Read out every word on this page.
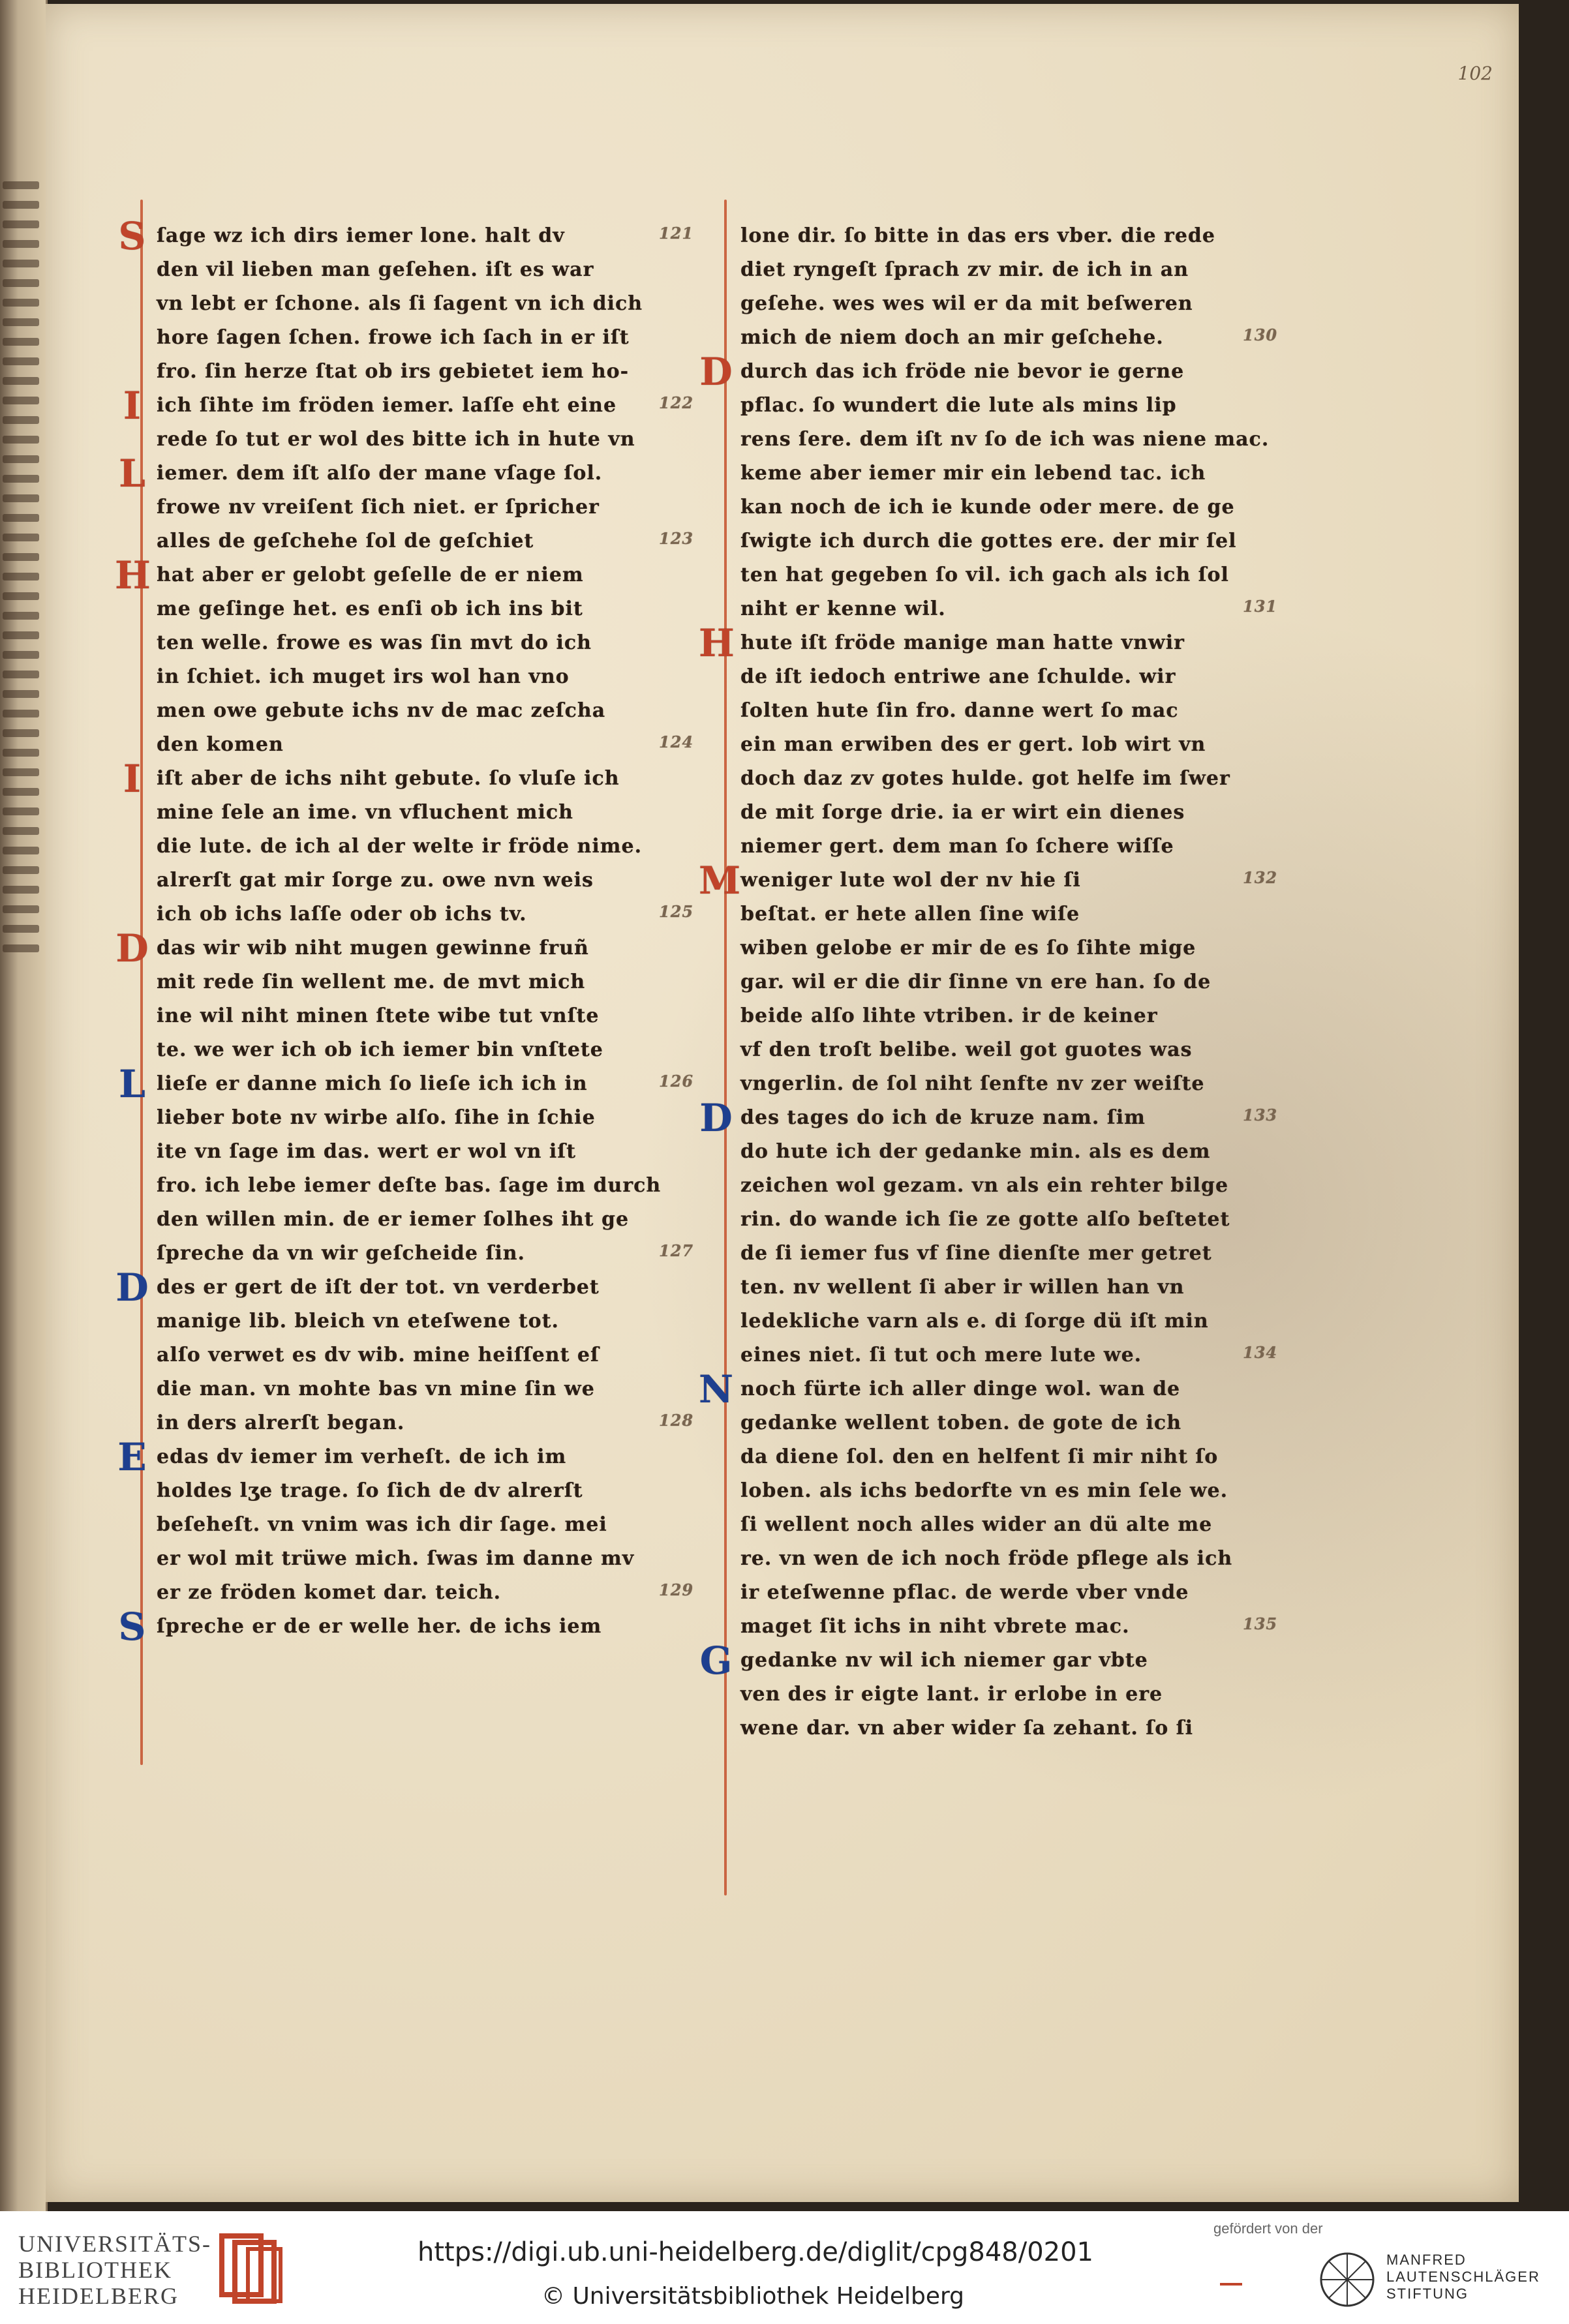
102
S ſage wz ich dirs iemer lone. halt dv	121
den vil lieben man geſehen. iſt es war
vn lebt er ſchone. als ſi ſagent vn ich dich
hore ſagen ſchen. frowe ich ſach in er iſt
fro. ſin herze ſtat ob irs gebietet iem ho-
I ich ſihte im fröden iemer. laſſe eht eine	122
rede ſo tut er wol des bitte ich in hute vn
L iemer. dem iſt alſo der mane vſage ſol.
frowe nv vreiſent ſich niet. er ſpricher
alles de geſchehe ſol de geſchiet	123
H hat aber er gelobt geſelle de er niem
me geſinge het. es enſi ob ich ins bit
ten welle. frowe es was ſin mvt do ich
in ſchiet. ich muget irs wol han vno
men owe gebute ichs nv de mac zeſcha
den komen	124
I iſt aber de ichs niht gebute. ſo vluſe ich
mine ſele an ime. vn vfluchent mich
die lute. de ich al der welte ir fröde nime.
alrerſt gat mir ſorge zu. owe nvn weis
ich ob ichs laſſe oder ob ichs tv.	125
D das wir wib niht mugen gewinne fruñ
mit rede ſin wellent me. de mvt mich
ine wil niht minen ſtete wibe tut vnſte
te. we wer ich ob ich iemer bin vnſtete
L lieſe er danne mich ſo lieſe ich ich in	126
lieber bote nv wirbe alſo. ſihe in ſchie
ite vn ſage im das. wert er wol vn iſt
fro. ich lebe iemer deſte bas. ſage im durch
den willen min. de er iemer ſolhes iht ge
ſpreche da vn wir geſcheide ſin.	127
D des er gert de iſt der tot. vn verderbet
manige lib. bleich vn eteſwene tot.
alſo verwet es dv wib. mine heiſſent eſ
die man. vn mohte bas vn mine ſin we
in ders alrerſt began.	128
E edas dv iemer im verheſt. de ich im
holdes lʒe trage. ſo ſich de dv alrerſt
beſeheſt. vn vnim was ich dir ſage. mei
er wol mit trüwe mich. ſwas im danne mv
er ze fröden komet dar. teich.	129
S ſpreche er de er welle her. de ichs iem
lone dir. ſo bitte in das ers vber. die rede
diet ryngeſt ſprach zv mir. de ich in an
geſehe. wes wes wil er da mit beſweren
mich de niem doch an mir geſchehe.	130
D durch das ich fröde nie bevor ie gerne
pflac. ſo wundert die lute als mins lip
rens ſere. dem iſt nv ſo de ich was niene mac.
keme aber iemer mir ein lebend tac. ich
kan noch de ich ie kunde oder mere. de ge
ſwigte ich durch die gottes ere. der mir ſel
ten hat gegeben ſo vil. ich gach als ich ſol
niht er kenne wil.	131
H hute iſt fröde manige man hatte vnwir
de iſt iedoch entriwe ane ſchulde. wir
ſolten hute ſin fro. danne wert ſo mac
ein man erwiben des er gert. lob wirt vn
doch daz zv gotes hulde. got helfe im ſwer
de mit ſorge drie. ia er wirt ein dienes
niemer gert. dem man ſo ſchere wiſſe
M
weniger lute wol der nv hie ſi	132
beſtat. er hete allen ſine wiſe
wiben gelobe er mir de es ſo ſihte mige
gar. wil er die dir ſinne vn ere han. ſo de
beide alſo lihte vtriben. ir de keiner
vf den troſt belibe. weil got guotes was
vngerlin. de ſol niht ſenfte nv zer weiſte
D des tages do ich de kruze nam. ſim	133
do hute ich der gedanke min. als es dem
zeichen wol gezam. vn als ein rehter bilge
rin. do wande ich ſie ze gotte alſo beſtetet
de ſi iemer fus vf ſine dienſte mer getret
ten. nv wellent ſi aber ir willen han vn
ledekliche varn als e. di ſorge dü iſt min
eines niet. ſi tut och mere lute we.	134
N noch fürte ich aller dinge wol. wan de
gedanke wellent toben. de gote de ich
da diene ſol. den en helfent ſi mir niht ſo
loben. als ichs bedorfte vn es min ſele we.
ſi wellent noch alles wider an dü alte me
re. vn wen de ich noch fröde pflege als ich
ir eteſwenne pflac. de werde vber vnde
maget ſit ichs in niht vbrete mac.	135
G gedanke nv wil ich niemer gar vbte
ven des ir eigte lant. ir erlobe in ere
wene dar. vn aber wider ſa zehant. ſo ſi
UNIVERSITÄTS- BIBLIOTHEK HEIDELBERG
https://digi.ub.uni-heidelberg.de/diglit/cpg848/0201
© Universitätsbibliothek Heidelberg
gefördert von der
MANFRED LAUTENSCHLÄGER STIFTUNG
